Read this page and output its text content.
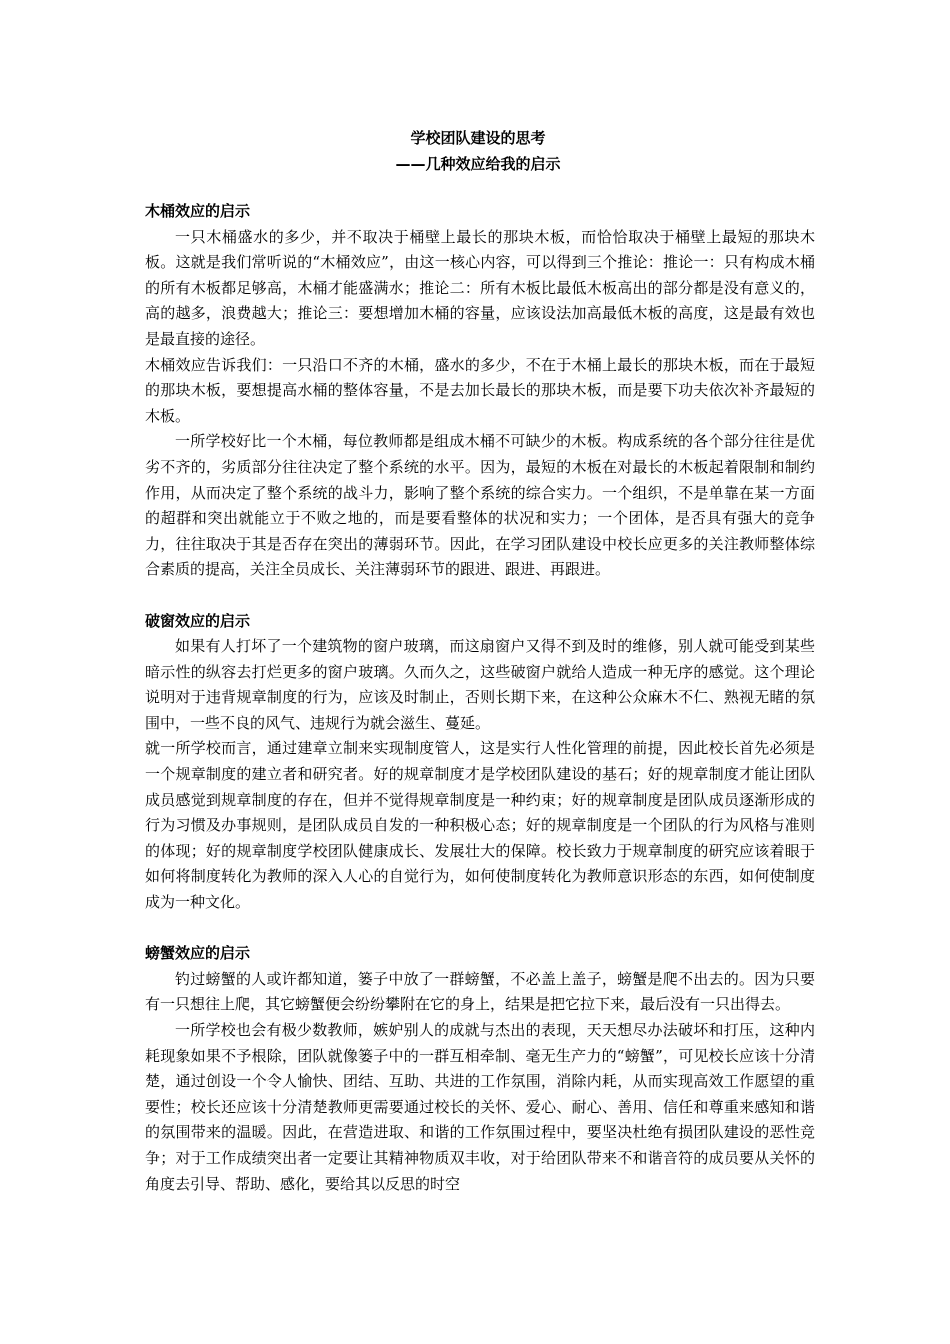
学校团队建设的思考
——几种效应给我的启示
木桶效应的启示

一只木桶盛水的多少，并不取决于桶壁上最长的那块木板，而恰恰取决于桶壁上最短的那块木板。这就是我们常听说的“木桶效应”，由这一核心内容，可以得到三个推论：推论一：只有构成木桶的所有木板都足够高，木桶才能盛满水；推论二：所有木板比最低木板高出的部分都是没有意义的，高的越多，浪费越大；推论三：要想增加木桶的容量，应该设法加高最低木板的高度，这是最有效也是最直接的途径。

木桶效应告诉我们：一只沿口不齐的木桶，盛水的多少，不在于木桶上最长的那块木板，而在于最短的那块木板，要想提高水桶的整体容量，不是去加长最长的那块木板，而是要下功夫依次补齐最短的木板。

一所学校好比一个木桶，每位教师都是组成木桶不可缺少的木板。构成系统的各个部分往往是优劣不齐的，劣质部分往往决定了整个系统的水平。因为，最短的木板在对最长的木板起着限制和制约作用，从而决定了整个系统的战斗力，影响了整个系统的综合实力。一个组织，不是单靠在某一方面的超群和突出就能立于不败之地的，而是要看整体的状况和实力；一个团体，是否具有强大的竞争力，往往取决于其是否存在突出的薄弱环节。因此，在学习团队建设中校长应更多的关注教师整体综合素质的提高，关注全员成长、关注薄弱环节的跟进、跟进、再跟进。

破窗效应的启示

如果有人打坏了一个建筑物的窗户玻璃，而这扇窗户又得不到及时的维修，别人就可能受到某些暗示性的纵容去打烂更多的窗户玻璃。久而久之，这些破窗户就给人造成一种无序的感觉。这个理论说明对于违背规章制度的行为，应该及时制止，否则长期下来，在这种公众麻木不仁、熟视无睹的氛围中，一些不良的风气、违规行为就会滋生、蔓延。

就一所学校而言，通过建章立制来实现制度管人，这是实行人性化管理的前提，因此校长首先必须是一个规章制度的建立者和研究者。好的规章制度才是学校团队建设的基石；好的规章制度才能让团队成员感觉到规章制度的存在，但并不觉得规章制度是一种约束；好的规章制度是团队成员逐渐形成的行为习惯及办事规则，是团队成员自发的一种积极心态；好的规章制度是一个团队的行为风格与准则的体现；好的规章制度学校团队健康成长、发展壮大的保障。校长致力于规章制度的研究应该着眼于如何将制度转化为教师的深入人心的自觉行为，如何使制度转化为教师意识形态的东西，如何使制度成为一种文化。

螃蟹效应的启示

钓过螃蟹的人或许都知道，篓子中放了一群螃蟹，不必盖上盖子，螃蟹是爬不出去的。因为只要有一只想往上爬，其它螃蟹便会纷纷攀附在它的身上，结果是把它拉下来，最后没有一只出得去。

一所学校也会有极少数教师，嫉妒别人的成就与杰出的表现，天天想尽办法破坏和打压，这种内耗现象如果不予根除，团队就像篓子中的一群互相牵制、毫无生产力的“螃蟹”，可见校长应该十分清楚，通过创设一个令人愉快、团结、互助、共进的工作氛围，消除内耗，从而实现高效工作愿望的重要性；校长还应该十分清楚教师更需要通过校长的关怀、爱心、耐心、善用、信任和尊重来感知和谐的氛围带来的温暖。因此，在营造进取、和谐的工作氛围过程中，要坚决杜绝有损团队建设的恶性竞争；对于工作成绩突出者一定要让其精神物质双丰收，对于给团队带来不和谐音符的成员要从关怀的角度去引导、帮助、感化，要给其以反思的时空
